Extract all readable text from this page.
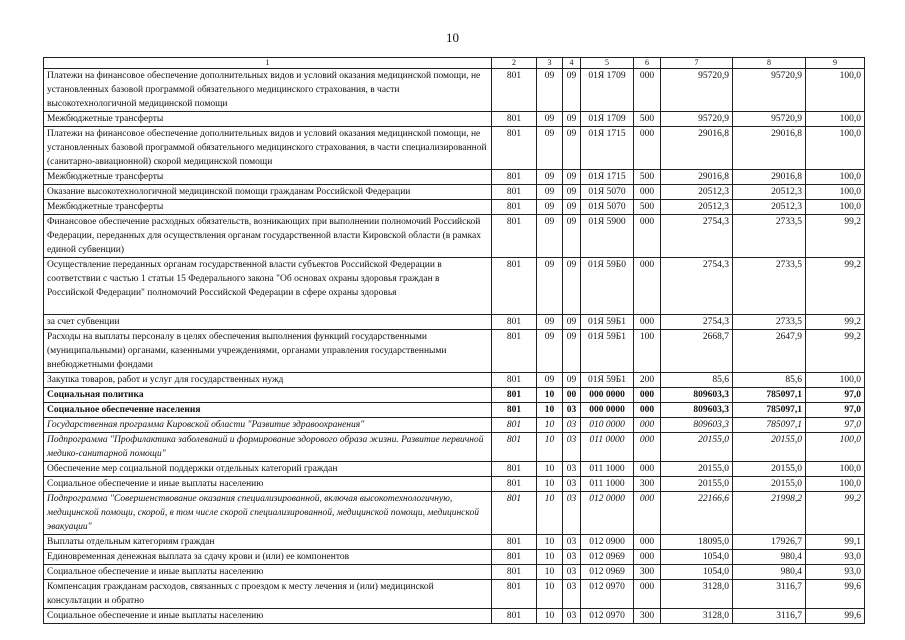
10
1	2	3	4	5	6	7	8	9
Платежи на финансовое обеспечение дополнительных видов и условий оказания медицинской помощи, не установленных базовой программой обязательного медицинского страхования, в части высокотехнологичной медицинской помощи	801	09	09	01Я 1709	000	95720,9	95720,9	100,0
Межбюджетные трансферты	801	09	09	01Я 1709	500	95720,9	95720,9	100,0
Платежи на финансовое обеспечение дополнительных видов и условий оказания медицинской помощи, не установленных базовой программой обязательного медицинского страхования, в части специализированной (санитарно-авиационной) скорой медицинской помощи	801	09	09	01Я 1715	000	29016,8	29016,8	100,0
Межбюджетные трансферты	801	09	09	01Я 1715	500	29016,8	29016,8	100,0
Оказание высокотехнологичной медицинской помощи гражданам Российской Федерации	801	09	09	01Я 5070	000	20512,3	20512,3	100,0
Межбюджетные трансферты	801	09	09	01Я 5070	500	20512,3	20512,3	100,0
Финансовое обеспечение расходных обязательств, возникающих при выполнении полномочий Российской Федерации, переданных для осуществления органам государственной власти Кировской области (в рамках единой субвенции)	801	09	09	01Я 5900	000	2754,3	2733,5	99,2
Осуществление переданных органам государственной власти субъектов Российской Федерации в соответствии с частью 1 статьи 15 Федерального закона "Об основах охраны здоровья граждан в Российской Федерации" полномочий Российской Федерации в сфере охраны здоровья	801	09	09	01Я 59Б0	000	2754,3	2733,5	99,2
за счет субвенции	801	09	09	01Я 59Б1	000	2754,3	2733,5	99,2
Расходы на выплаты персоналу в целях обеспечения выполнения функций государственными (муниципальными) органами, казенными учреждениями, органами управления государственными внебюджетными фондами	801	09	09	01Я 59Б1	100	2668,7	2647,9	99,2
Закупка товаров, работ и услуг для государственных нужд	801	09	09	01Я 59Б1	200	85,6	85,6	100,0
Социальная политика	801	10	00	000 0000	000	809603,3	785097,1	97,0
Социальное обеспечение населения	801	10	03	000 0000	000	809603,3	785097,1	97,0
Государственная программа Кировской области "Развитие здравоохранения"	801	10	03	010 0000	000	809603,3	785097,1	97,0
Подпрограмма "Профилактика заболеваний и формирование здорового образа жизни. Развитие первичной медико-санитарной помощи"	801	10	03	011 0000	000	20155,0	20155,0	100,0
Обеспечение мер социальной поддержки отдельных категорий граждан	801	10	03	011 1000	000	20155,0	20155,0	100,0
Социальное обеспечение и иные выплаты населению	801	10	03	011 1000	300	20155,0	20155,0	100,0
Подпрограмма "Совершенствование оказания специализированной, включая высокотехнологичную, медицинской помощи, скорой, в том числе скорой специализированной, медицинской помощи, медицинской эвакуации"	801	10	03	012 0000	000	22166,6	21998,2	99,2
Выплаты отдельным категориям граждан	801	10	03	012 0900	000	18095,0	17926,7	99,1
Единовременная денежная выплата за сдачу крови и (или) ее компонентов	801	10	03	012 0969	000	1054,0	980,4	93,0
Социальное обеспечение и иные выплаты населению	801	10	03	012 0969	300	1054,0	980,4	93,0
Компенсация гражданам расходов, связанных с проездом к месту лечения и (или) медицинской консультации и обратно	801	10	03	012 0970	000	3128,0	3116,7	99,6
Социальное обеспечение и иные выплаты населению	801	10	03	012 0970	300	3128,0	3116,7	99,6
